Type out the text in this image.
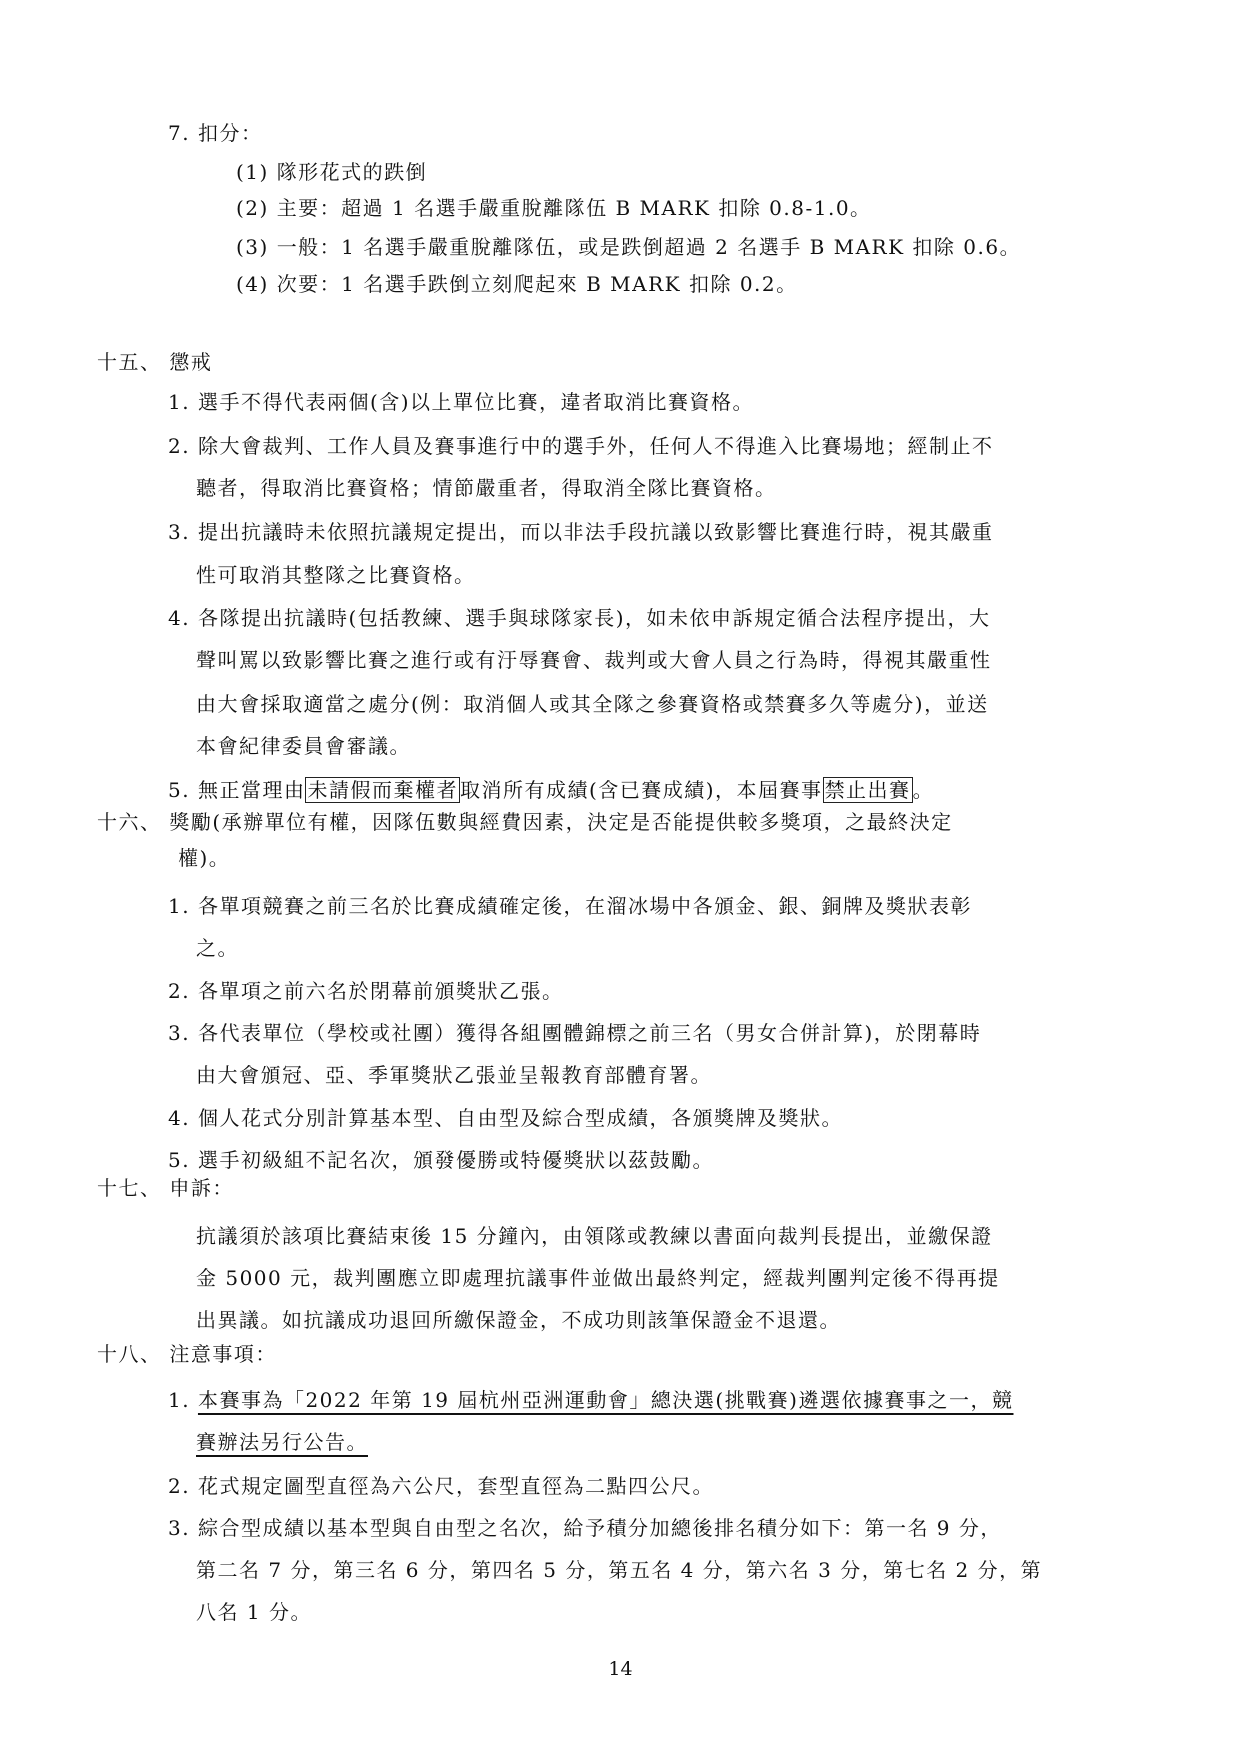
7. 扣分：
(1) 隊形花式的跌倒
(2) 主要：超過 1 名選手嚴重脫離隊伍 B MARK 扣除 0.8-1.0。
(3) 一般：1 名選手嚴重脫離隊伍，或是跌倒超過 2 名選手 B MARK 扣除 0.6。
(4) 次要：1 名選手跌倒立刻爬起來 B MARK 扣除 0.2。
十五、 懲戒
1. 選手不得代表兩個(含)以上單位比賽，違者取消比賽資格。
2. 除大會裁判、工作人員及賽事進行中的選手外，任何人不得進入比賽場地；經制止不
聽者，得取消比賽資格；情節嚴重者，得取消全隊比賽資格。
3. 提出抗議時未依照抗議規定提出，而以非法手段抗議以致影響比賽進行時，視其嚴重
性可取消其整隊之比賽資格。
4. 各隊提出抗議時(包括教練、選手與球隊家長)，如未依申訴規定循合法程序提出，大
聲叫罵以致影響比賽之進行或有汙辱賽會、裁判或大會人員之行為時，得視其嚴重性
由大會採取適當之處分(例：取消個人或其全隊之參賽資格或禁賽多久等處分)，並送
本會紀律委員會審議。
5. 無正當理由 未請假而棄權者 取消所有成績(含已賽成績)，本屆賽事 禁止出賽 。
十六、 獎勵(承辦單位有權，因隊伍數與經費因素，決定是否能提供較多獎項，之最終決定
權)。
1. 各單項競賽之前三名於比賽成績確定後，在溜冰場中各頒金、銀、銅牌及獎狀表彰
之。
2. 各單項之前六名於閉幕前頒獎狀乙張。
3. 各代表單位（學校或社團）獲得各組團體錦標之前三名（男女合併計算)，於閉幕時
由大會頒冠、亞、季軍獎狀乙張並呈報教育部體育署。
4. 個人花式分別計算基本型、自由型及綜合型成績，各頒獎牌及獎狀。
5. 選手初級組不記名次，頒發優勝或特優獎狀以茲鼓勵。
十七、 申訴：
抗議須於該項比賽結束後 15 分鐘內，由領隊或教練以書面向裁判長提出，並繳保證
金 5000 元，裁判團應立即處理抗議事件並做出最終判定，經裁判團判定後不得再提
出異議。如抗議成功退回所繳保證金，不成功則該筆保證金不退還。
十八、 注意事項：
1. 本賽事為「2022 年第 19 屆杭州亞洲運動會」總決選(挑戰賽)遴選依據賽事之一，競
賽辦法另行公告。
2. 花式規定圖型直徑為六公尺，套型直徑為二點四公尺。
3. 綜合型成績以基本型與自由型之名次，給予積分加總後排名積分如下：第一名 9 分，
第二名 7 分，第三名 6 分，第四名 5 分，第五名 4 分，第六名 3 分，第七名 2 分，第
八名 1 分。
14
